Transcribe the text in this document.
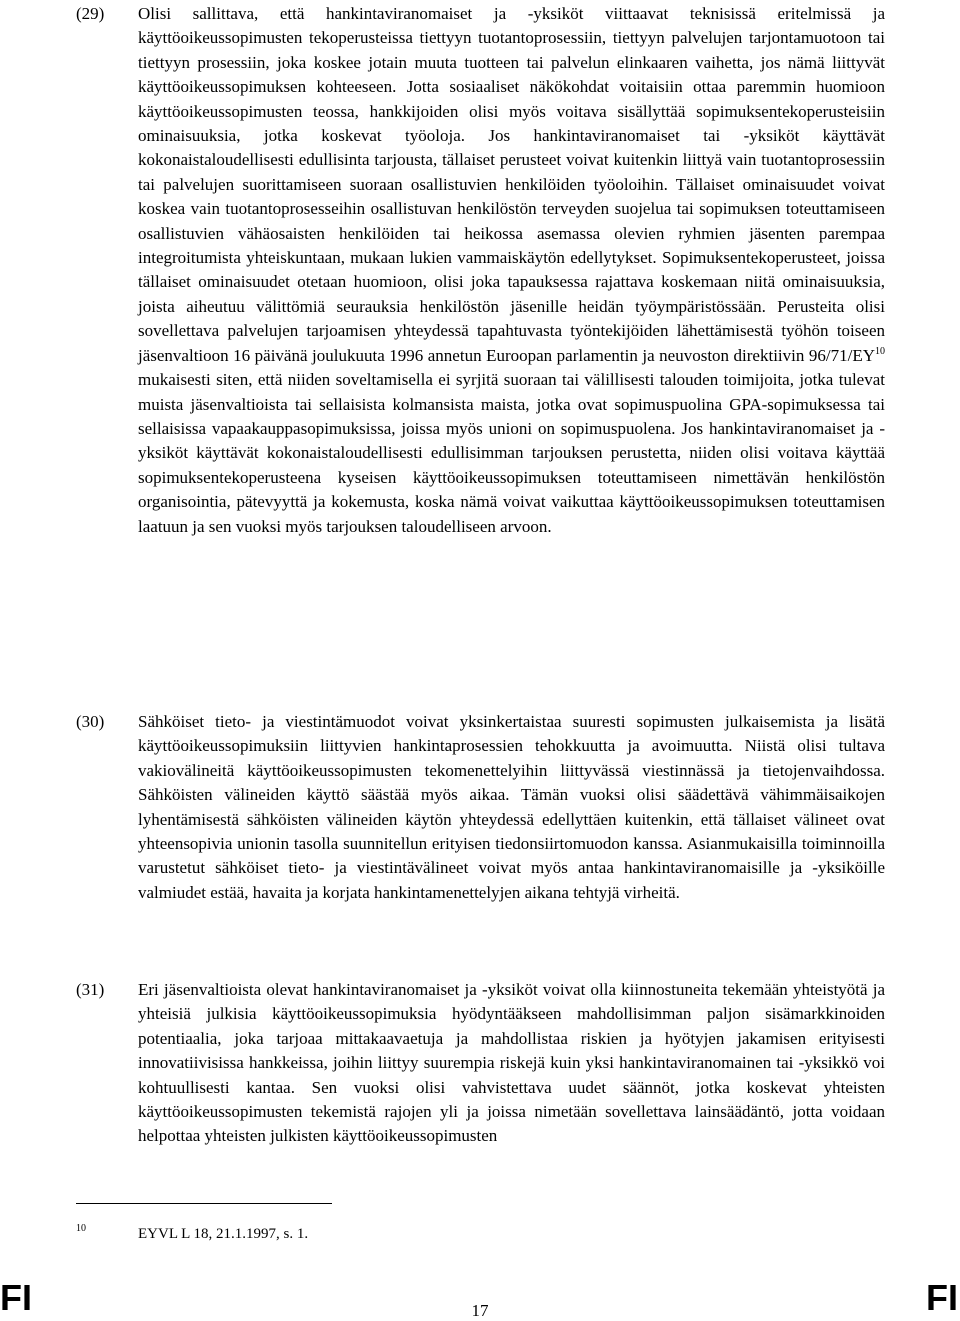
(29) Olisi sallittava, että hankintaviranomaiset ja -yksiköt viittaavat teknisissä eritelmissä ja käyttöoikeussopimusten tekoperusteissa tiettyyn tuotantoprosessiin, tiettyyn palvelujen tarjontamuotoon tai tiettyyn prosessiin, joka koskee jotain muuta tuotteen tai palvelun elinkaaren vaihetta, jos nämä liittyvät käyttöoikeussopimuksen kohteeseen. Jotta sosiaaliset näkökohdat voitaisiin ottaa paremmin huomioon käyttöoikeussopimusten teossa, hankkijoiden olisi myös voitava sisällyttää sopimuksentekoperusteisiin ominaisuuksia, jotka koskevat työoloja. Jos hankintaviranomaiset tai -yksiköt käyttävät kokonaistaloudellisesti edullisinta tarjousta, tällaiset perusteet voivat kuitenkin liittyä vain tuotantoprosessiin tai palvelujen suorittamiseen suoraan osallistuvien henkilöiden työoloihin. Tällaiset ominaisuudet voivat koskea vain tuotantoprosesseihin osallistuvan henkilöstön terveyden suojelua tai sopimuksen toteuttamiseen osallistuvien vähäosaisten henkilöiden tai heikossa asemassa olevien ryhmien jäsenten parempaa integroitumista yhteiskuntaan, mukaan lukien vammaiskäytön edellytykset. Sopimuksentekoperusteet, joissa tällaiset ominaisuudet otetaan huomioon, olisi joka tapauksessa rajattava koskemaan niitä ominaisuuksia, joista aiheutuu välittömiä seurauksia henkilöstön jäsenille heidän työympäristössään. Perusteita olisi sovellettava palvelujen tarjoamisen yhteydessä tapahtuvasta työntekijöiden lähettämisestä työhön toiseen jäsenvaltioon 16 päivänä joulukuuta 1996 annetun Euroopan parlamentin ja neuvoston direktiivin 96/71/EY$^{10}$ mukaisesti siten, että niiden soveltamisella ei syrjitä suoraan tai välillisesti talouden toimijoita, jotka tulevat muista jäsenvaltioista tai sellaisista kolmansista maista, jotka ovat sopimuspuolina GPA-sopimuksessa tai sellaisissa vapaakauppasopimuksissa, joissa myös unioni on sopimuspuolena. Jos hankintaviranomaiset ja -yksiköt käyttävät kokonaistaloudellisesti edullisimman tarjouksen perustetta, niiden olisi voitava käyttää sopimuksentekoperusteena kyseisen käyttöoikeussopimuksen toteuttamiseen nimettävän henkilöstön organisointia, pätevyyttä ja kokemusta, koska nämä voivat vaikuttaa käyttöoikeussopimuksen toteuttamisen laatuun ja sen vuoksi myös tarjouksen taloudelliseen arvoon.

(30) Sähköiset tieto- ja viestintämuodot voivat yksinkertaistaa suuresti sopimusten julkaisemista ja lisätä käyttöoikeussopimuksiin liittyvien hankintaprosessien tehokkuutta ja avoimuutta. Niistä olisi tultava vakiovälineitä käyttöoikeussopimusten tekomenettelyihin liittyvässä viestinnässä ja tietojenvaihdossa. Sähköisten välineiden käyttö säästää myös aikaa. Tämän vuoksi olisi säädettävä vähimmäisaikojen lyhentämisestä sähköisten välineiden käytön yhteydessä edellyttäen kuitenkin, että tällaiset välineet ovat yhteensopivia unionin tasolla suunnitellun erityisen tiedonsiirtomuodon kanssa. Asianmukaisilla toiminnoilla varustetut sähköiset tieto- ja viestintävälineet voivat myös antaa hankintaviranomaisille ja -yksiköille valmiudet estää, havaita ja korjata hankintamenettelyjen aikana tehtyjä virheitä.

(31) Eri jäsenvaltioista olevat hankintaviranomaiset ja -yksiköt voivat olla kiinnostuneita tekemään yhteistyötä ja yhteisiä julkisia käyttöoikeussopimuksia hyödyntääkseen mahdollisimman paljon sisämarkkinoiden potentiaalia, joka tarjoaa mittakaavaetuja ja mahdollistaa riskien ja hyötyjen jakamisen erityisesti innovatiivisissa hankkeissa, joihin liittyy suurempia riskejä kuin yksi hankintaviranomainen tai -yksikkö voi kohtuullisesti kantaa. Sen vuoksi olisi vahvistettava uudet säännöt, jotka koskevat yhteisten käyttöoikeussopimusten tekemistä rajojen yli ja joissa nimetään sovellettava lainsäädäntö, jotta voidaan helpottaa yhteisten julkisten käyttöoikeussopimusten

10	EYVL L 18, 21.1.1997, s. 1.
FI	17	FI
